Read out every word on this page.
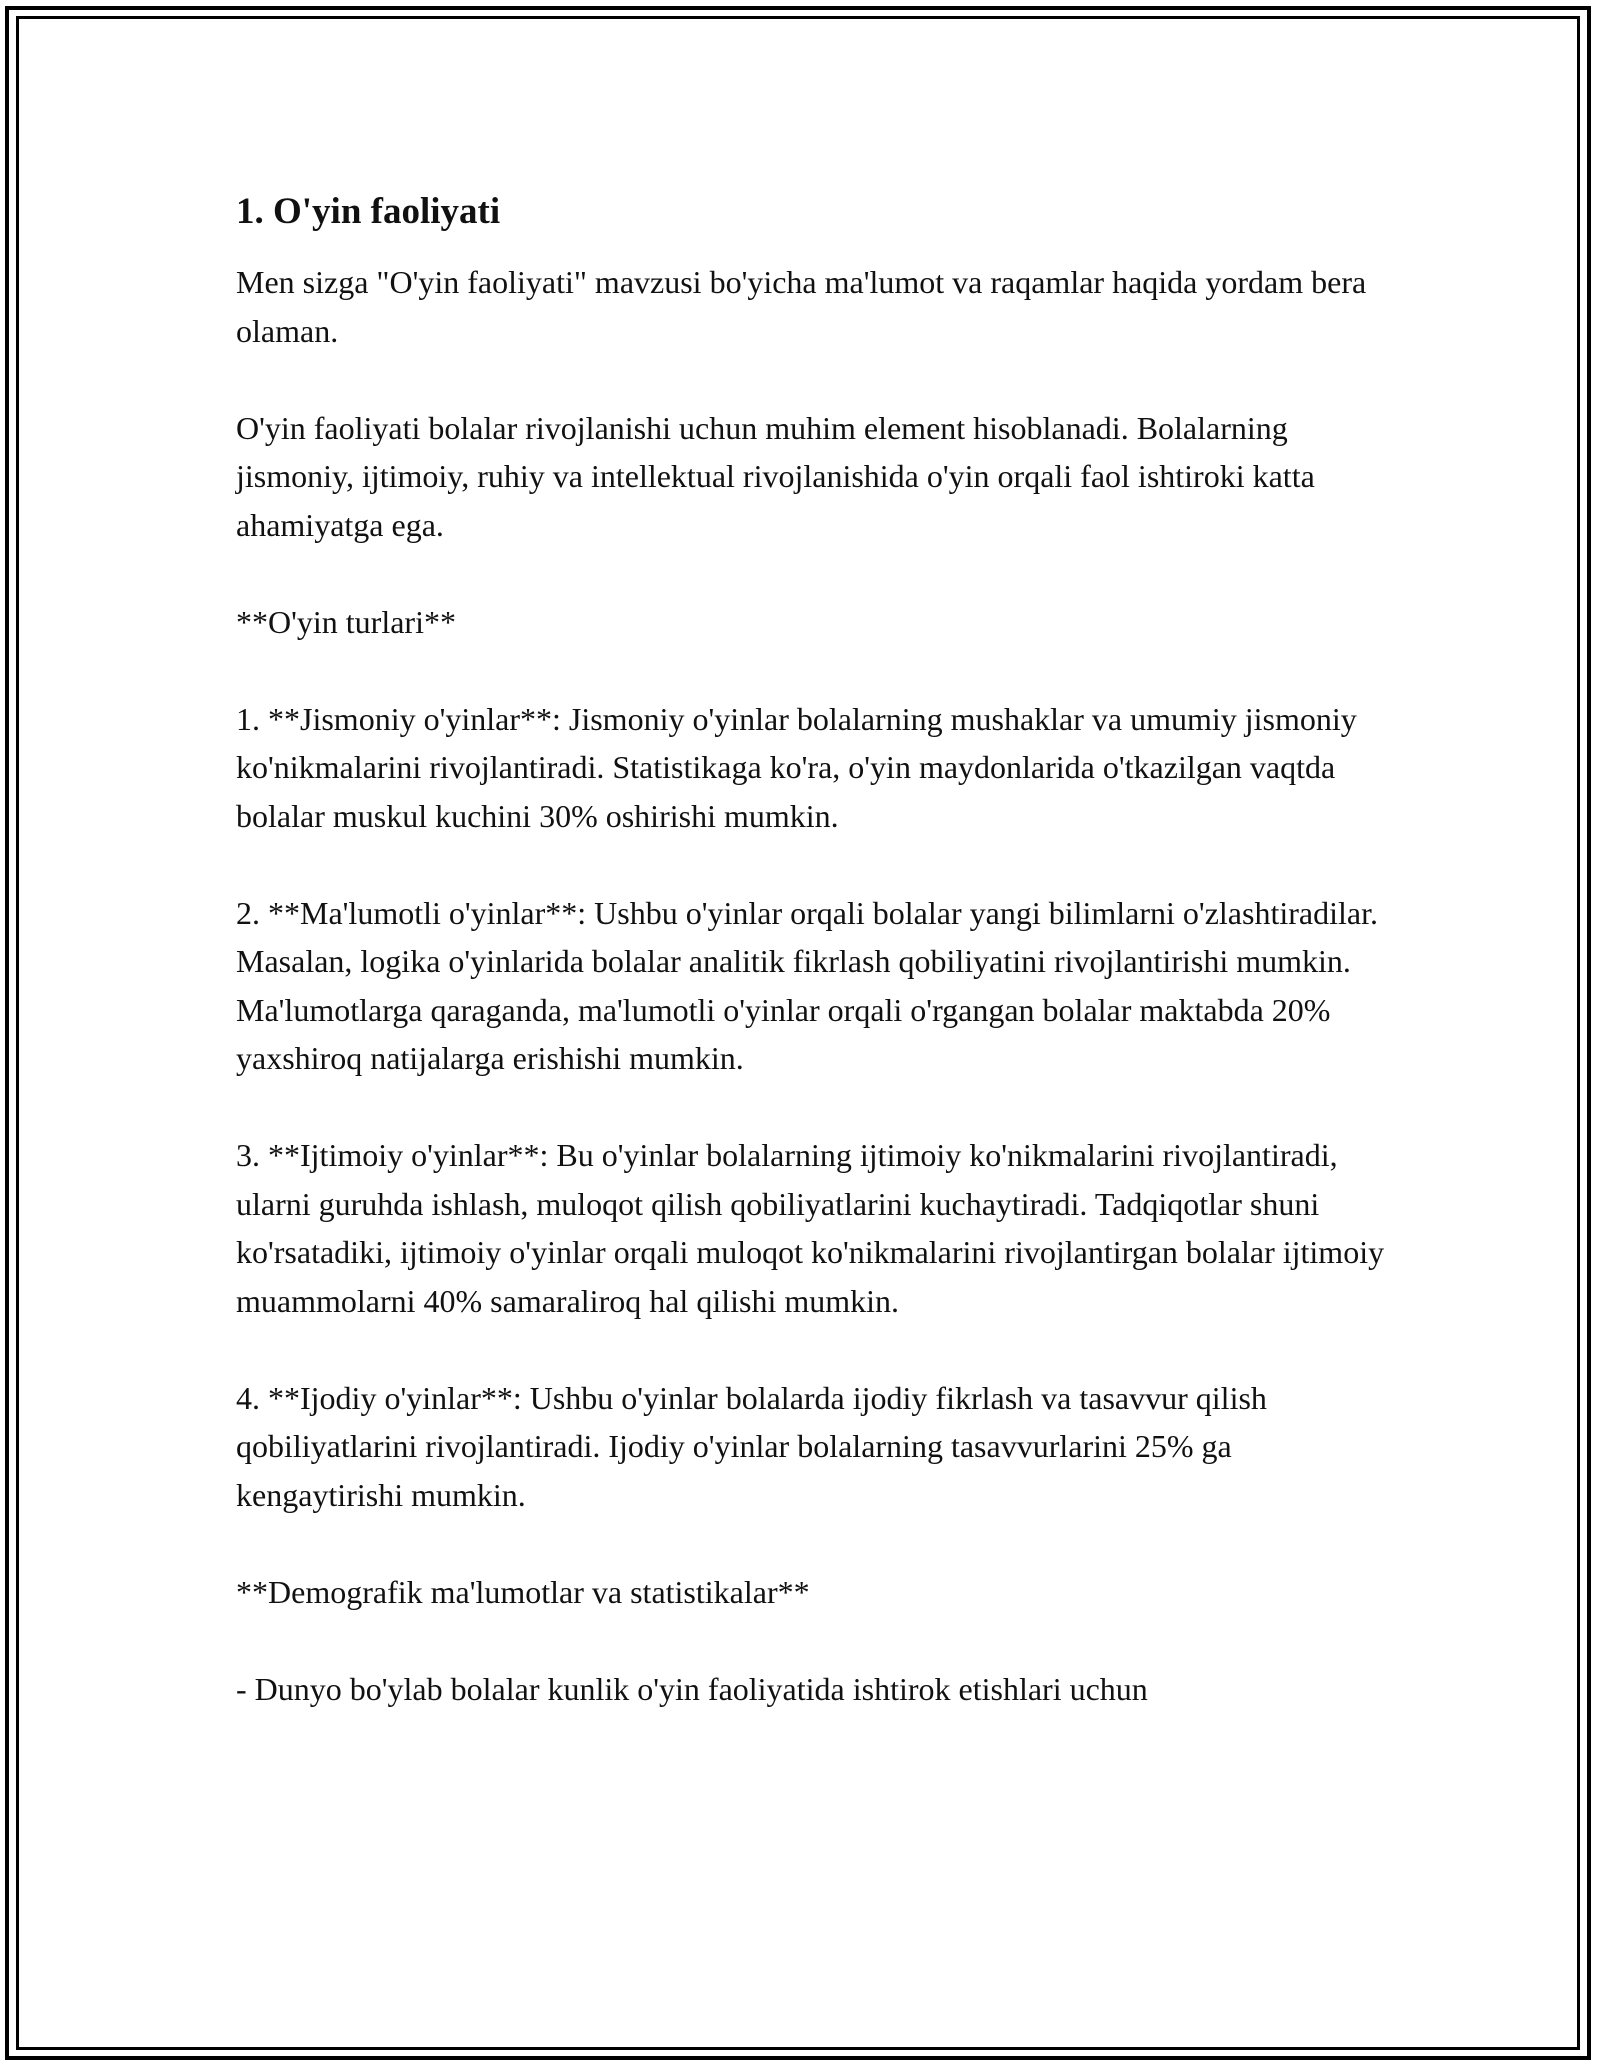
1. O'yin faoliyati

Men sizga "O'yin faoliyati" mavzusi bo'yicha ma'lumot va raqamlar haqida yordam bera olaman.

O'yin faoliyati bolalar rivojlanishi uchun muhim element hisoblanadi. Bolalarning jismoniy, ijtimoiy, ruhiy va intellektual rivojlanishida o'yin orqali faol ishtiroki katta ahamiyatga ega.

**O'yin turlari**

1. **Jismoniy o'yinlar**: Jismoniy o'yinlar bolalarning mushaklar va umumiy jismoniy ko'nikmalarini rivojlantiradi. Statistikaga ko'ra, o'yin maydonlarida o'tkazilgan vaqtda bolalar muskul kuchini 30% oshirishi mumkin.

2. **Ma'lumotli o'yinlar**: Ushbu o'yinlar orqali bolalar yangi bilimlarni o'zlashtiradilar. Masalan, logika o'yinlarida bolalar analitik fikrlash qobiliyatini rivojlantirishi mumkin. Ma'lumotlarga qaraganda, ma'lumotli o'yinlar orqali o'rgangan bolalar maktabda 20% yaxshiroq natijalarga erishishi mumkin.

3. **Ijtimoiy o'yinlar**: Bu o'yinlar bolalarning ijtimoiy ko'nikmalarini rivojlantiradi, ularni guruhda ishlash, muloqot qilish qobiliyatlarini kuchaytiradi. Tadqiqotlar shuni ko'rsatadiki, ijtimoiy o'yinlar orqali muloqot ko'nikmalarini rivojlantirgan bolalar ijtimoiy muammolarni 40% samaraliroq hal qilishi mumkin.

4. **Ijodiy o'yinlar**: Ushbu o'yinlar bolalarda ijodiy fikrlash va tasavvur qilish qobiliyatlarini rivojlantiradi. Ijodiy o'yinlar bolalarning tasavvurlarini 25% ga kengaytirishi mumkin.

**Demografik ma'lumotlar va statistikalar**

- Dunyo bo'ylab bolalar kunlik o'yin faoliyatida ishtirok etishlari uchun
